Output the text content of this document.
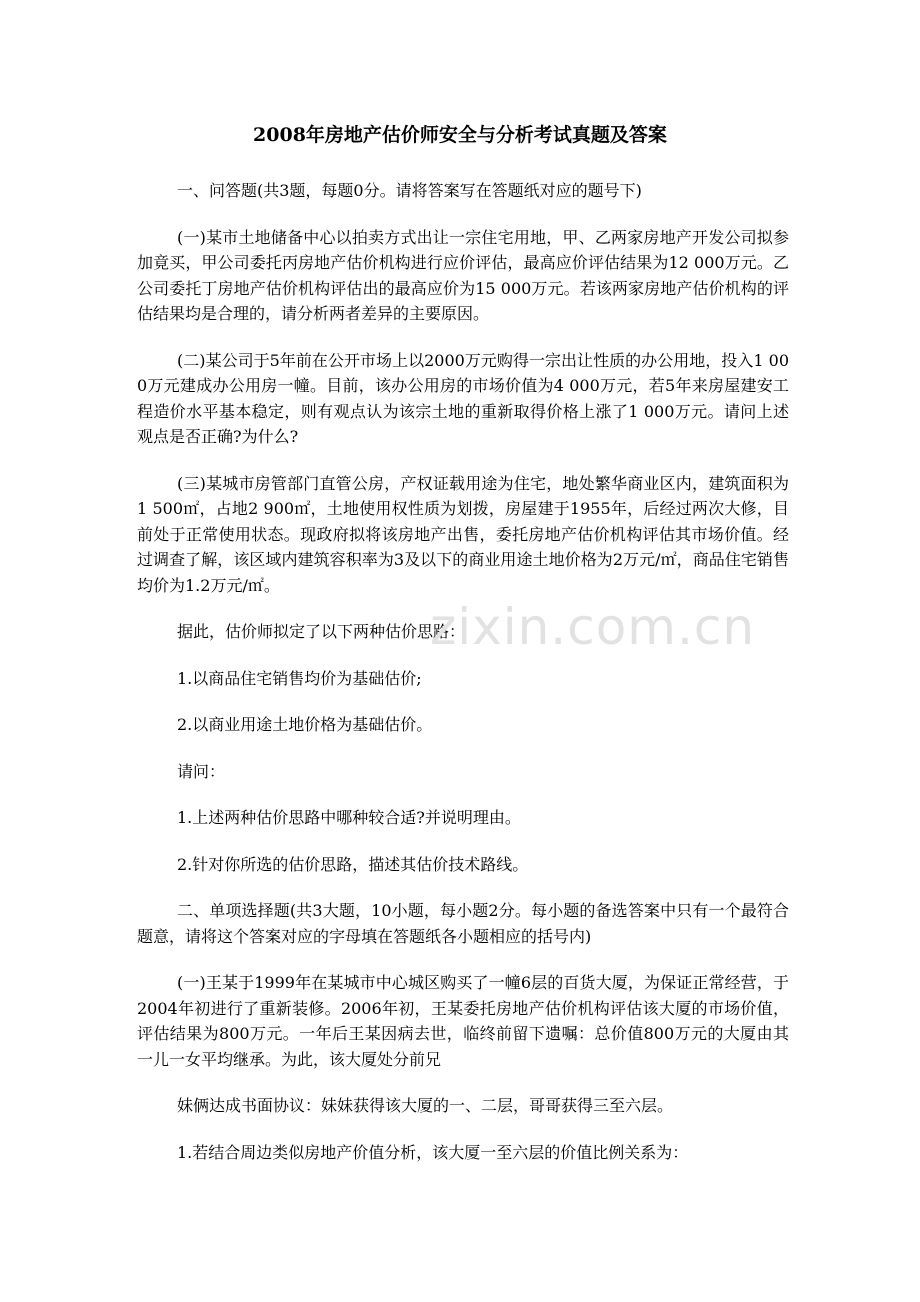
2008年房地产估价师安全与分析考试真题及答案

一、问答题(共3题，每题0分。请将答案写在答题纸对应的题号下)

(一)某市土地储备中心以拍卖方式出让一宗住宅用地，甲、乙两家房地产开发公司拟参加竟买，甲公司委托丙房地产估价机构进行应价评估，最高应价评估结果为12 000万元。乙公司委托丁房地产估价机构评估出的最高应价为15 000万元。若该两家房地产估价机构的评估结果均是合理的，请分析两者差异的主要原因。

(二)某公司于5年前在公开市场上以2000万元购得一宗出让性质的办公用地，投入1 000万元建成办公用房一幢。目前，该办公用房的市场价值为4 000万元，若5年来房屋建安工程造价水平基本稳定，则有观点认为该宗土地的重新取得价格上涨了1 000万元。请问上述观点是否正确?为什么?

(三)某城市房管部门直管公房，产权证载用途为住宅，地处繁华商业区内，建筑面积为1 500㎡，占地2 900㎡，土地使用权性质为划拨，房屋建于1955年，后经过两次大修，目前处于正常使用状态。现政府拟将该房地产出售，委托房地产估价机构评估其市场价值。经过调查了解，该区域内建筑容积率为3及以下的商业用途土地价格为2万元/㎡，商品住宅销售均价为1.2万元/㎡。

据此，估价师拟定了以下两种估价思路：

1.以商品住宅销售均价为基础估价;

2.以商业用途土地价格为基础估价。

请问：

1.上述两种估价思路中哪种较合适?并说明理由。

2.针对你所选的估价思路，描述其估价技术路线。

二、单项选择题(共3大题，10小题，每小题2分。每小题的备选答案中只有一个最符合题意，请将这个答案对应的字母填在答题纸各小题相应的括号内)

(一)王某于1999年在某城市中心城区购买了一幢6层的百货大厦，为保证正常经营，于2004年初进行了重新装修。2006年初，王某委托房地产估价机构评估该大厦的市场价值，评估结果为800万元。一年后王某因病去世，临终前留下遗嘱：总价值800万元的大厦由其一儿一女平均继承。为此，该大厦处分前兄

妹俩达成书面协议：妹妹获得该大厦的一、二层，哥哥获得三至六层。

1.若结合周边类似房地产价值分析，该大厦一至六层的价值比例关系为：

zixin.com.cn
